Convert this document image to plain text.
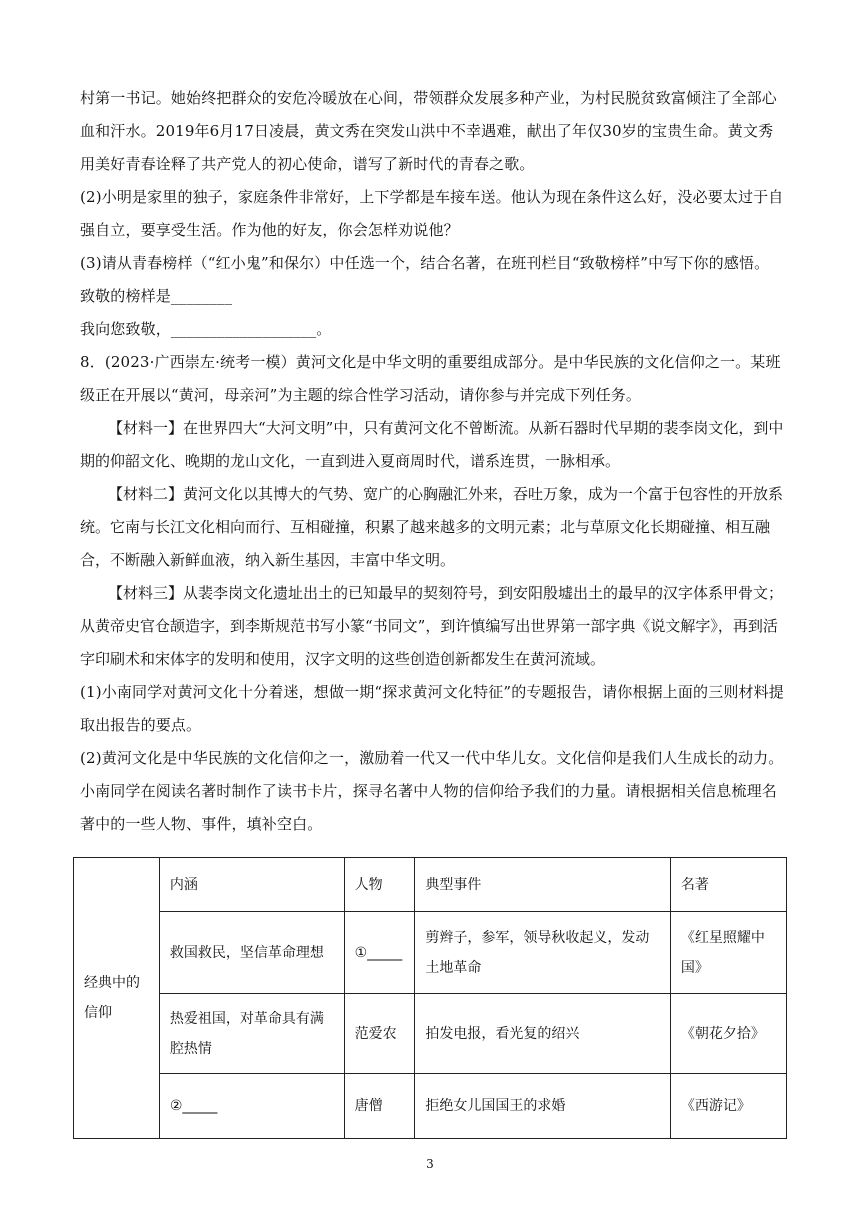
村第一书记。她始终把群众的安危冷暖放在心间，带领群众发展多种产业，为村民脱贫致富倾注了全部心血和汗水。2019年6月17日凌晨，黄文秀在突发山洪中不幸遇难，献出了年仅30岁的宝贵生命。黄文秀用美好青春诠释了共产党人的初心使命，谱写了新时代的青春之歌。

(2)小明是家里的独子，家庭条件非常好，上下学都是车接车送。他认为现在条件这么好，没必要太过于自强自立，要享受生活。作为他的好友，你会怎样劝说他？

(3)请从青春榜样（“红小鬼”和保尔）中任选一个，结合名著，在班刊栏目“致敬榜样”中写下你的感悟。

致敬的榜样是________

我向您致敬，___________________。

8．(2023·广西崇左·统考一模）黄河文化是中华文明的重要组成部分。是中华民族的文化信仰之一。某班级正在开展以“黄河，母亲河”为主题的综合性学习活动，请你参与并完成下列任务。

【材料一】在世界四大“大河文明”中，只有黄河文化不曾断流。从新石器时代早期的裴李岗文化，到中期的仰韶文化、晚期的龙山文化，一直到进入夏商周时代，谱系连贯，一脉相承。

【材料二】黄河文化以其博大的气势、宽广的心胸融汇外来，吞吐万象，成为一个富于包容性的开放系统。它南与长江文化相向而行、互相碰撞，积累了越来越多的文明元素；北与草原文化长期碰撞、相互融合，不断融入新鲜血液，纳入新生基因，丰富中华文明。

【材料三】从裴李岗文化遗址出土的已知最早的契刻符号，到安阳殷墟出土的最早的汉字体系甲骨文；从黄帝史官仓颉造字，到李斯规范书写小篆“书同文”，到许慎编写出世界第一部字典《说文解字》，再到活字印刷术和宋体字的发明和使用，汉字文明的这些创造创新都发生在黄河流域。

(1)小南同学对黄河文化十分着迷，想做一期“探求黄河文化特征”的专题报告，请你根据上面的三则材料提取出报告的要点。

(2)黄河文化是中华民族的文化信仰之一，激励着一代又一代中华儿女。文化信仰是我们人生成长的动力。小南同学在阅读名著时制作了读书卡片，探寻名著中人物的信仰给予我们的力量。请根据相关信息梳理名著中的一些人物、事件，填补空白。

经典中的信仰	内涵	人物	典型事件	名著
	救国救民，坚信革命理想	①_____	剪辫子，参军，领导秋收起义，发动土地革命	《红星照耀中国》
	热爱祖国，对革命具有满腔热情	范爱农	拍发电报，看光复的绍兴	《朝花夕拾》
	②_____	唐僧	拒绝女儿国国王的求婚	《西游记》
3
